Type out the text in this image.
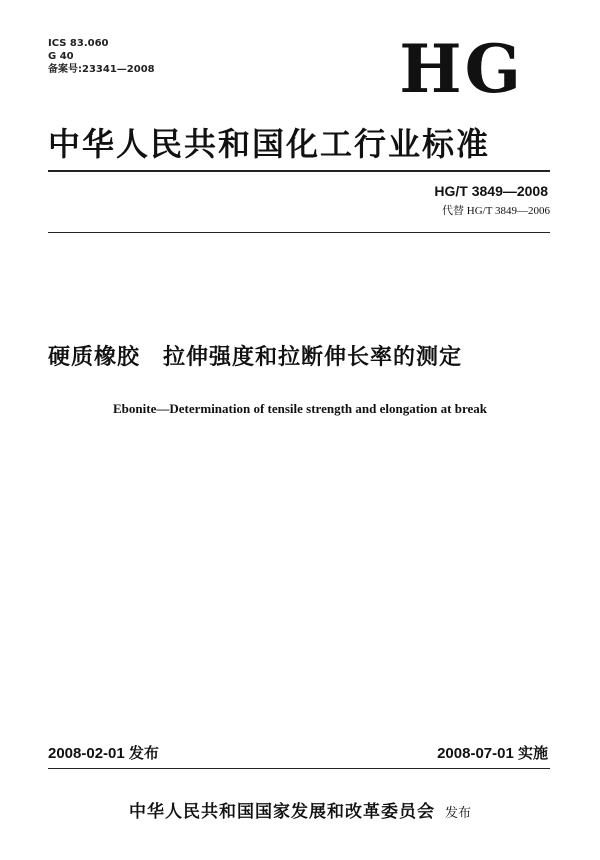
ICS 83.060
G 40
备案号:23341—2008	HG
中华人民共和国化工行业标准
HG/T 3849—2008
代替 HG/T 3849—2006
硬质橡胶　拉伸强度和拉断伸长率的测定
Ebonite—Determination of tensile strength and elongation at break
2008-02-01 发布	2008-07-01 实施
中华人民共和国国家发展和改革委员会 发布
